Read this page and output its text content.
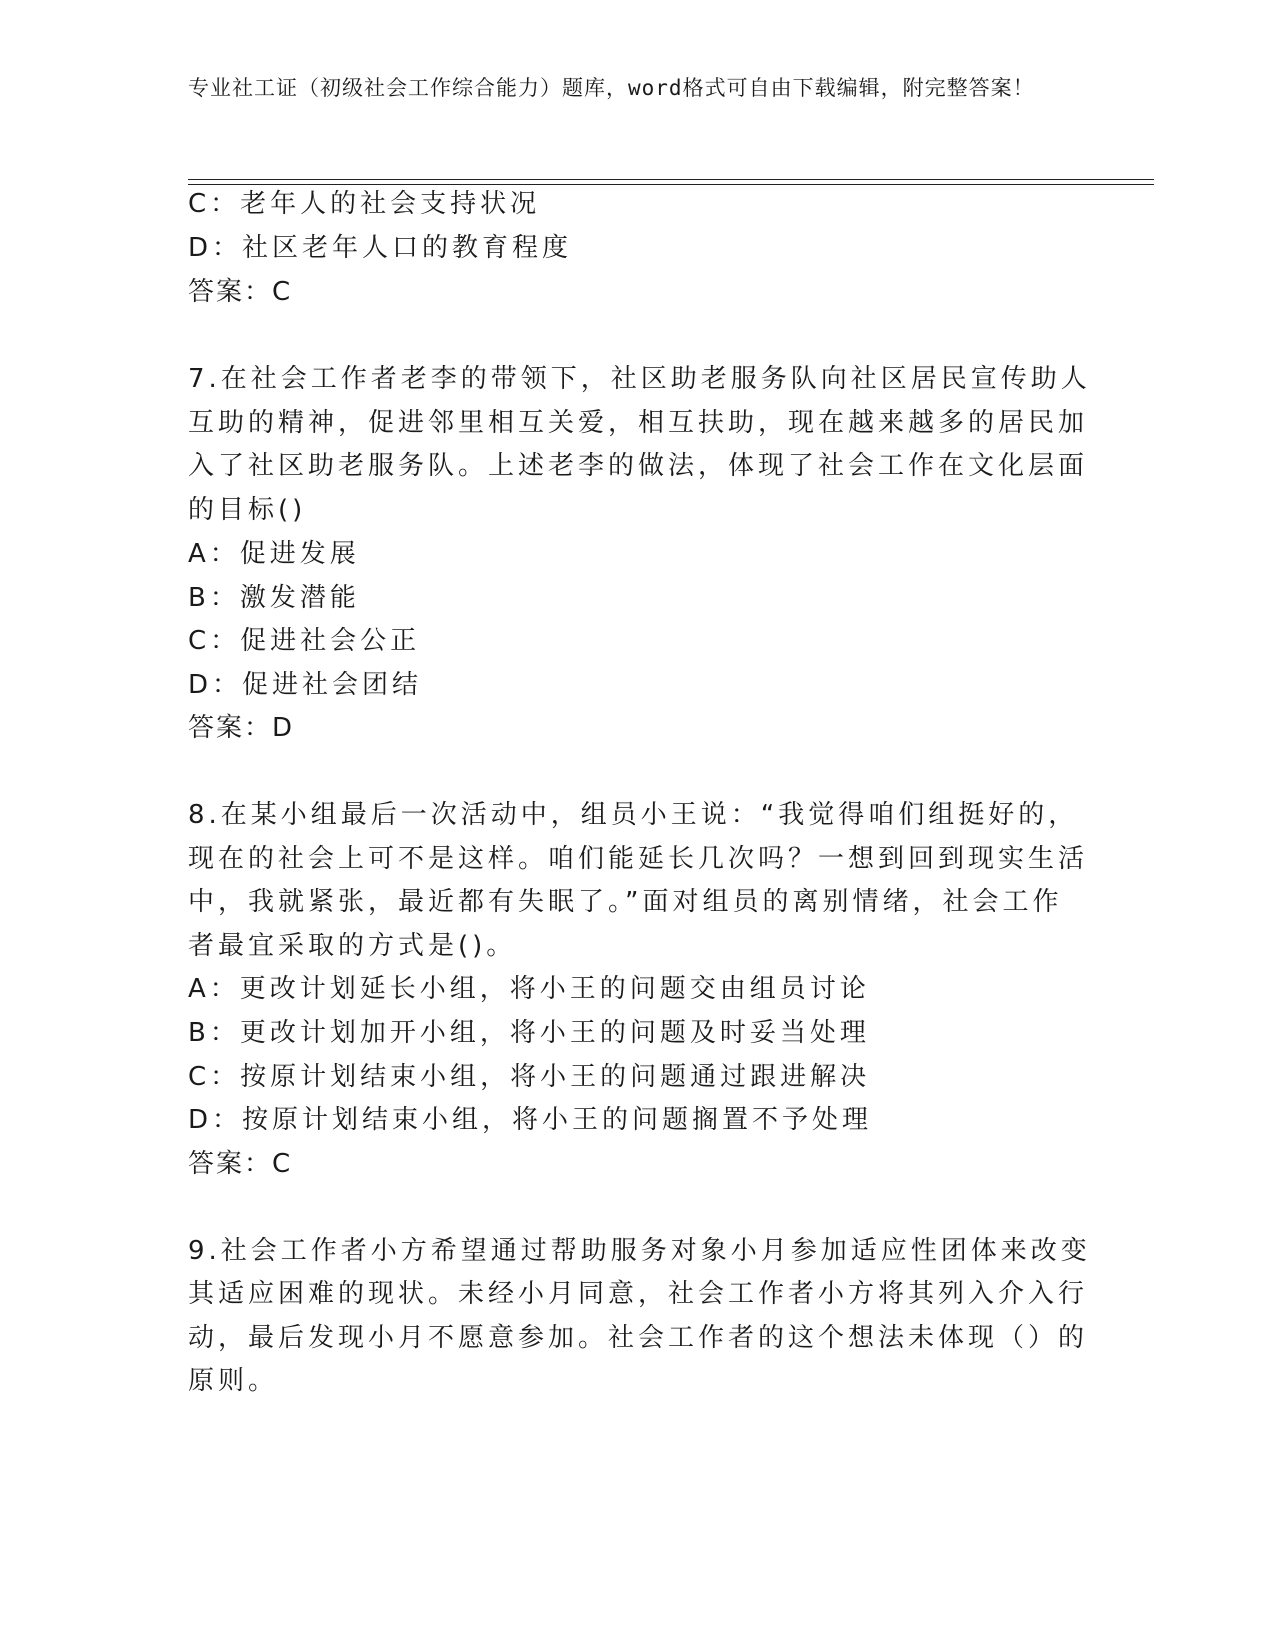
专业社工证（初级社会工作综合能力）题库，word格式可自由下载编辑，附完整答案！
C：老年人的社会支持状况
D：社区老年人口的教育程度
答案：C
7.在社会工作者老李的带领下，社区助老服务队向社区居民宣传助人
互助的精神，促进邻里相互关爱，相互扶助，现在越来越多的居民加
入了社区助老服务队。上述老李的做法，体现了社会工作在文化层面
的目标()
A：促进发展
B：激发潜能
C：促进社会公正
D：促进社会团结
答案：D
8.在某小组最后一次活动中，组员小王说：“我觉得咱们组挺好的，
现在的社会上可不是这样。咱们能延长几次吗？一想到回到现实生活
中，我就紧张，最近都有失眠了。”面对组员的离别情绪，社会工作
者最宜采取的方式是()。
A：更改计划延长小组，将小王的问题交由组员讨论
B：更改计划加开小组，将小王的问题及时妥当处理
C：按原计划结束小组，将小王的问题通过跟进解决
D：按原计划结束小组，将小王的问题搁置不予处理
答案：C
9.社会工作者小方希望通过帮助服务对象小月参加适应性团体来改变
其适应困难的现状。未经小月同意，社会工作者小方将其列入介入行
动，最后发现小月不愿意参加。社会工作者的这个想法未体现（）的
原则。
